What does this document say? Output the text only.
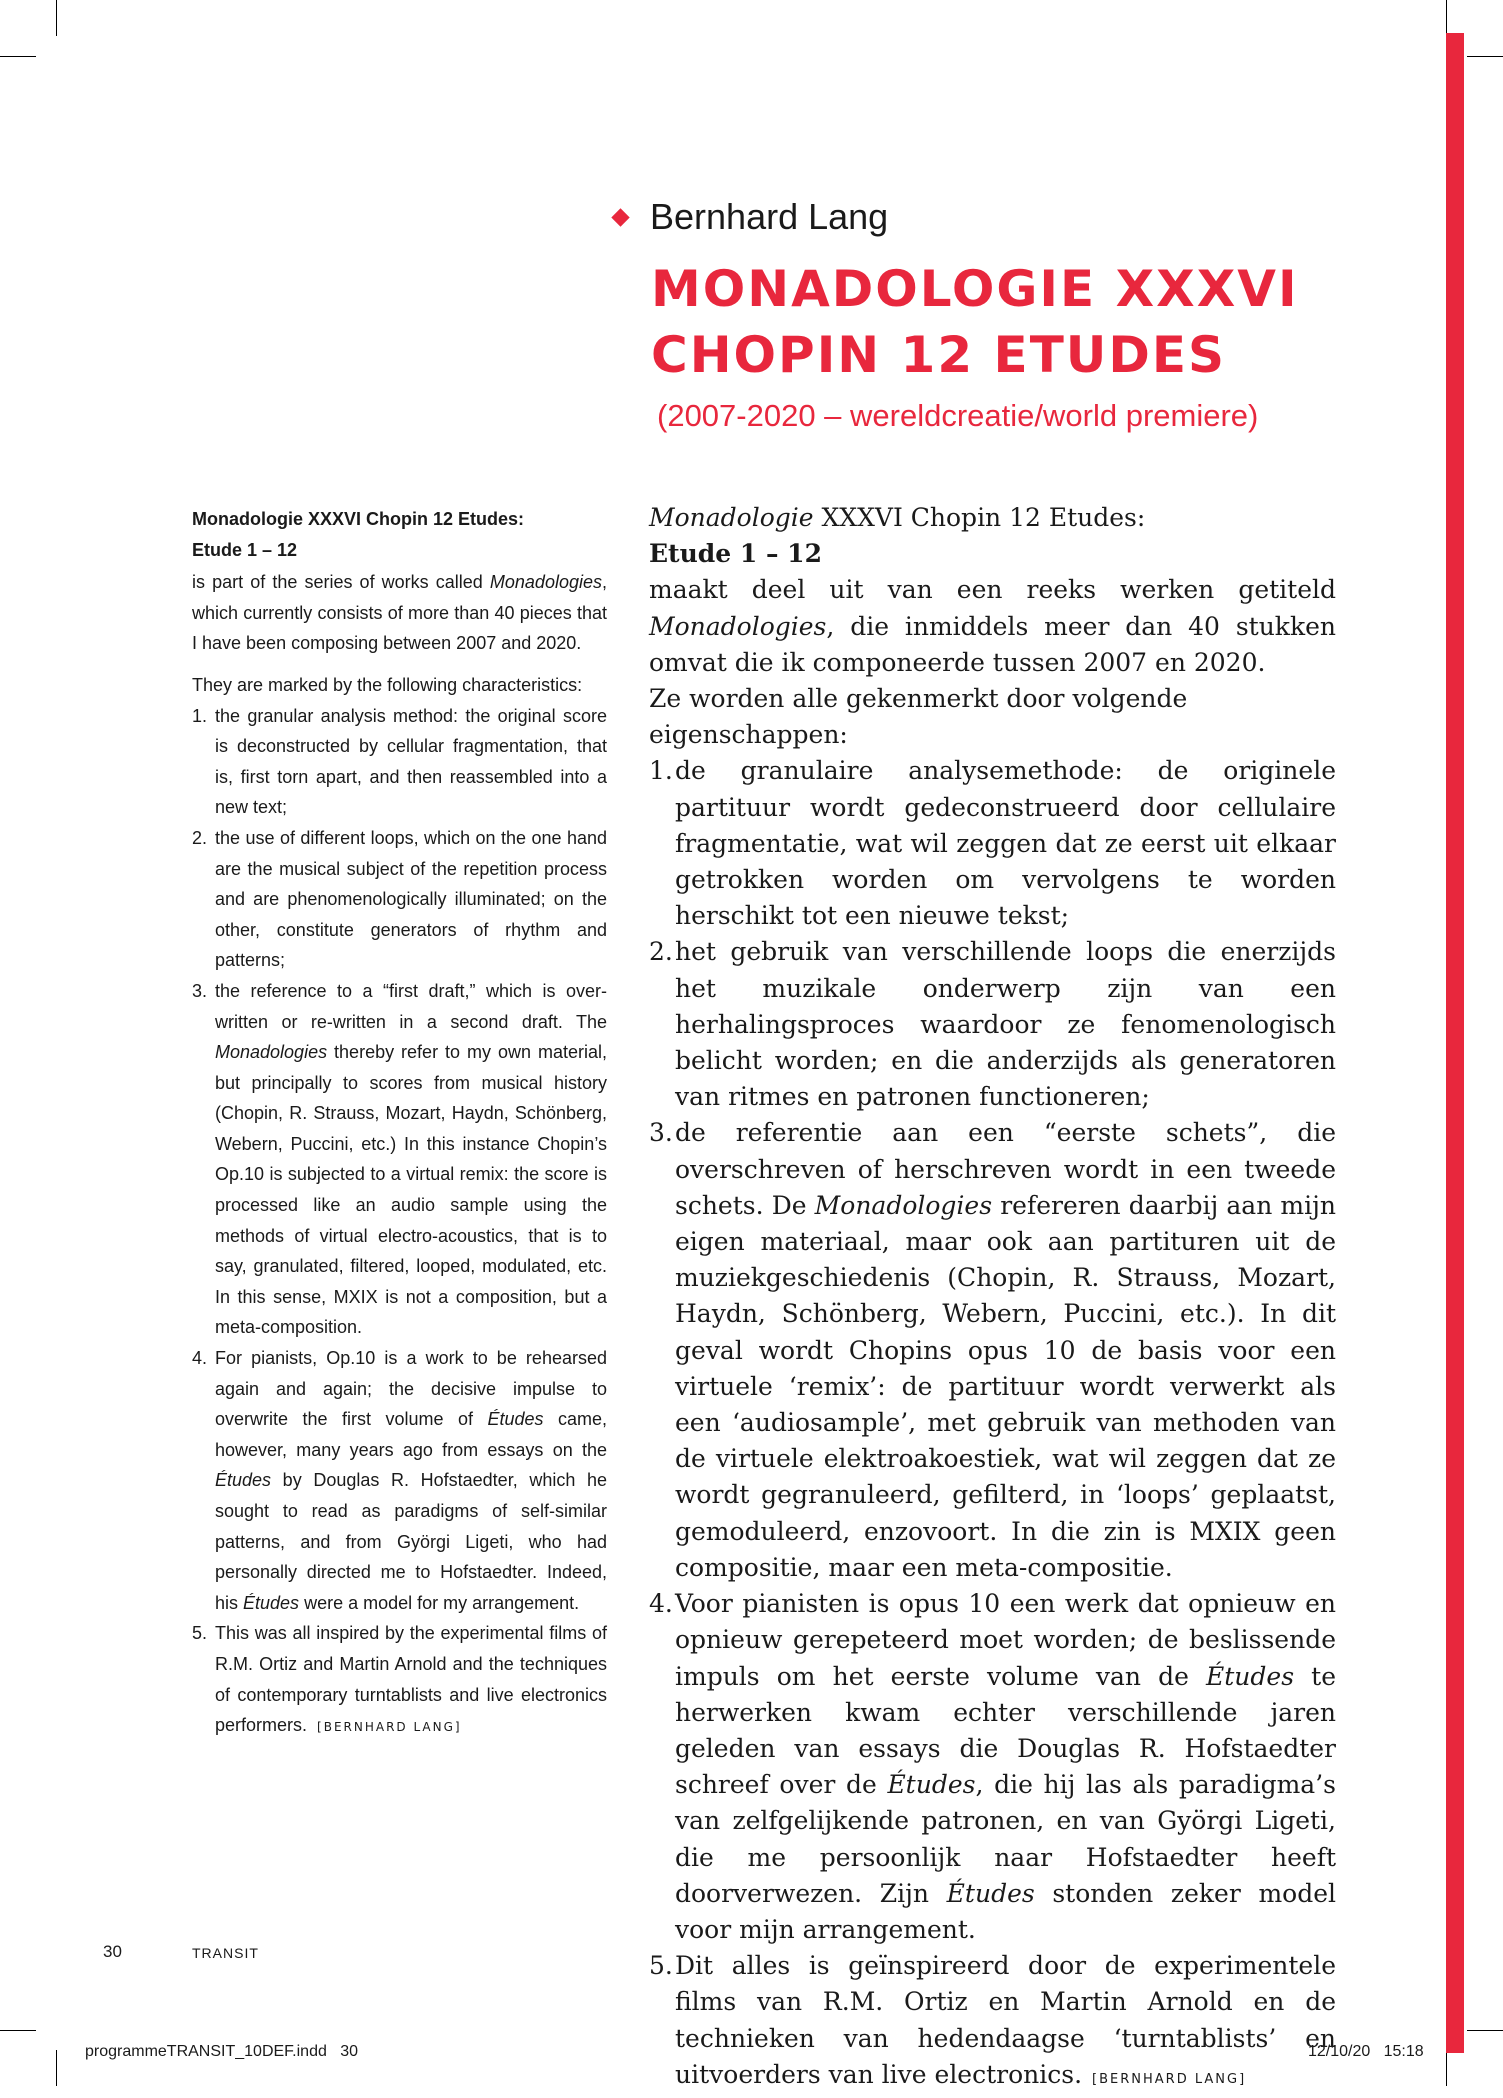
Bernhard Lang
MONADOLOGIE XXXVI
CHOPIN 12 ETUDES
(2007-2020 – wereldcreatie/world premiere)
Monadologie XXXVI Chopin 12 Etudes:
Etude 1 – 12
is part of the series of works called Monadologies, which currently consists of more than 40 pieces that I have been composing between 2007 and 2020.
They are marked by the following characteristics:
1. the granular analysis method: the original score is deconstructed by cellular fragmentation, that is, first torn apart, and then reassembled into a new text;
2. the use of different loops, which on the one hand are the musical subject of the repetition process and are phenomenologically illuminated; on the other, constitute generators of rhythm and patterns;
3. the reference to a “first draft,” which is over-written or re-written in a second draft. The Monadologies thereby refer to my own material, but principally to scores from musical history (Chopin, R. Strauss, Mozart, Haydn, Schönberg, Webern, Puccini, etc.) In this instance Chopin’s Op.10 is subjected to a virtual remix: the score is processed like an audio sample using the methods of virtual electro-acoustics, that is to say, granulated, filtered, looped, modulated, etc. In this sense, MXIX is not a composition, but a meta-composition.
4. For pianists, Op.10 is a work to be rehearsed again and again; the decisive impulse to overwrite the first volume of Études came, however, many years ago from essays on the Études by Douglas R. Hofstaedter, which he sought to read as paradigms of self-similar patterns, and from Györgi Ligeti, who had personally directed me to Hofstaedter. Indeed, his Études were a model for my arrangement.
5. This was all inspired by the experimental films of R.M. Ortiz and Martin Arnold and the techniques of contemporary turntablists and live electronics performers. [BERNHARD LANG]
Monadologie XXXVI Chopin 12 Etudes:
Etude 1 – 12
maakt deel uit van een reeks werken getiteld Monadologies, die inmiddels meer dan 40 stukken omvat die ik componeerde tussen 2007 en 2020.
Ze worden alle gekenmerkt door volgende eigenschappen:
1. de granulaire analysemethode: de originele partituur wordt gedeconstrueerd door cellulaire fragmentatie, wat wil zeggen dat ze eerst uit elkaar getrokken worden om vervolgens te worden herschikt tot een nieuwe tekst;
2. het gebruik van verschillende loops die enerzijds het muzikale onderwerp zijn van een herhalingsproces waardoor ze fenomenologisch belicht worden; en die anderzijds als generatoren van ritmes en patronen functioneren;
3. de referentie aan een “eerste schets”, die overschreven of herschreven wordt in een tweede schets. De Monadologies refereren daarbij aan mijn eigen materiaal, maar ook aan partituren uit de muziekgeschiedenis (Chopin, R. Strauss, Mozart, Haydn, Schönberg, Webern, Puccini, etc.). In dit geval wordt Chopins opus 10 de basis voor een virtuele ‘remix’: de partituur wordt verwerkt als een ‘audiosample’, met gebruik van methoden van de virtuele elektroakoestiek, wat wil zeggen dat ze wordt gegranuleerd, gefilterd, in ‘loops’ geplaatst, gemoduleerd, enzovoort. In die zin is MXIX geen compositie, maar een meta-compositie.
4. Voor pianisten is opus 10 een werk dat opnieuw en opnieuw gerepeteerd moet worden; de beslissende impuls om het eerste volume van de Études te herwerken kwam echter verschillende jaren geleden van essays die Douglas R. Hofstaedter schreef over de Études, die hij las als paradigma’s van zelfgelijkende patronen, en van Györgi Ligeti, die me persoonlijk naar Hofstaedter heeft doorverwezen. Zijn Études stonden zeker model voor mijn arrangement.
5. Dit alles is geïnspireerd door de experimentele films van R.M. Ortiz en Martin Arnold en de technieken van hedendaagse ‘turntablists’ en uitvoerders van live electronics. [BERNHARD LANG]
30	TRANSIT
programmeTRANSIT_10DEF.indd   30	12/10/20   15:18
